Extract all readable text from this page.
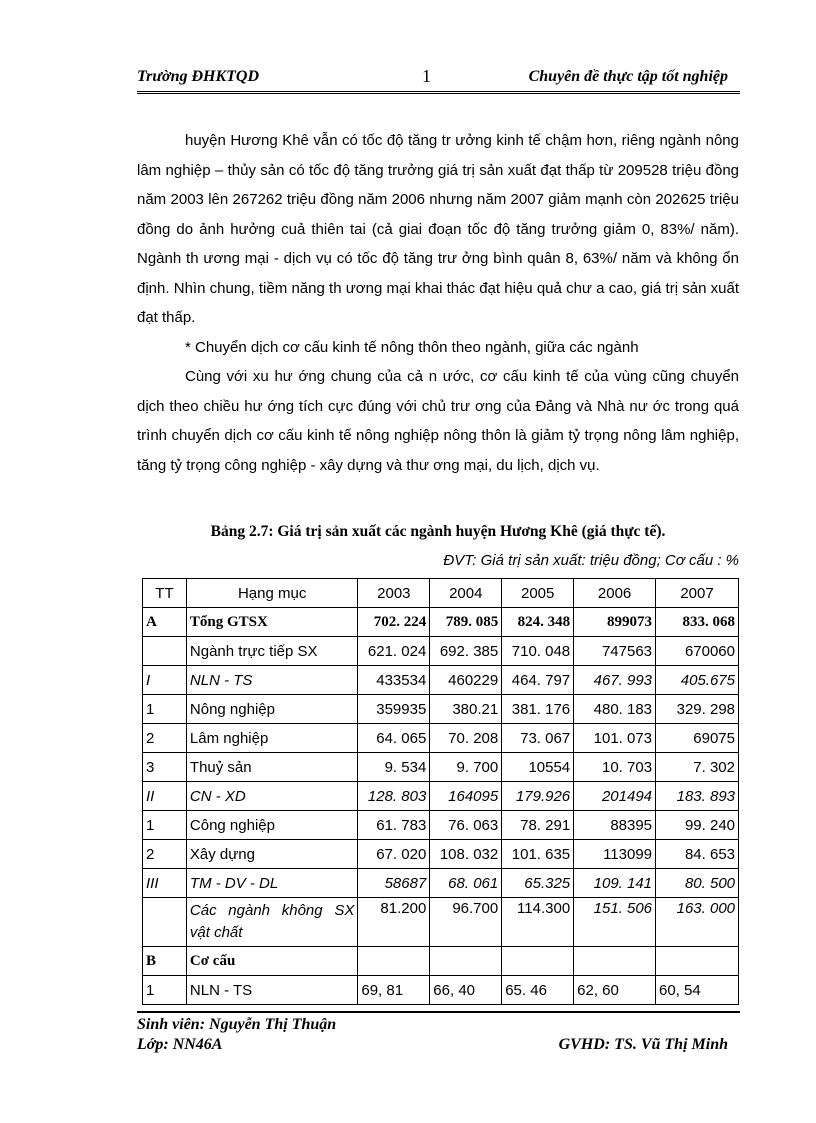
Trường ĐHKTQD	1	Chuyên đề thực tập tốt nghiệp

huyện Hương Khê vẫn có tốc độ tăng tr ưởng kinh tế chậm hơn, riêng ngành nông lâm nghiệp – thủy sản có tốc độ tăng trưởng giá trị sản xuất đạt thấp từ 209528 triệu đồng năm 2003 lên 267262 triệu đồng năm 2006 nhưng năm 2007 giảm mạnh còn 202625 triệu đồng do ảnh hưởng cuả thiên tai (cả giai đoạn tốc độ tăng trưởng giảm 0, 83%/ năm). Ngành th ương mại - dịch vụ có tốc độ tăng trư ởng bình quân 8, 63%/ năm và không ổn định. Nhìn chung, tiềm năng th ương mại khai thác đạt hiệu quả chư a cao, giá trị sản xuất đạt thấp.

* Chuyển dịch cơ cấu kinh tế nông thôn theo ngành, giữa các ngành

Cùng với xu hư ớng chung của cả n ước, cơ cấu kinh tế của vùng cũng chuyển dịch theo chiều hư ớng tích cực đúng với chủ trư ơng của Đảng và Nhà nư ớc trong quá trình chuyển dịch cơ cấu kinh tế nông nghiệp nông thôn là giảm tỷ trọng nông lâm nghiệp, tăng tỷ trọng công nghiệp - xây dựng và thư ơng mại, du lịch, dịch vụ.

Bảng 2.7: Giá trị sản xuất các ngành huyện Hương Khê (giá thực tế).
ĐVT: Giá trị sản xuất: triệu đồng; Cơ cấu : %
TT	Hạng mục	2003	2004	2005	2006	2007
A	Tổng GTSX	702. 224	789. 085	824. 348	899073	833. 068
	Ngành trực tiếp SX	621. 024	692. 385	710. 048	747563	670060
I	NLN - TS	433534	460229	464. 797	467. 993	405.675
1	Nông nghiệp	359935	380.21	381. 176	480. 183	329. 298
2	Lâm nghiệp	64. 065	70. 208	73. 067	101. 073	69075
3	Thuỷ sản	9. 534	9. 700	10554	10. 703	7. 302
II	CN - XD	128. 803	164095	179.926	201494	183. 893
1	Công nghiệp	61. 783	76. 063	78. 291	88395	99. 240
2	Xây dựng	67. 020	108. 032	101. 635	113099	84. 653
III	TM - DV - DL	58687	68. 061	65.325	109. 141	80. 500
	Các ngành không SX vật chất	81.200	96.700	114.300	151. 506	163. 000
B	Cơ cấu					
1	NLN - TS	69, 81	66, 40	65. 46	62, 60	60, 54
Sinh viên: Nguyễn Thị Thuận
Lớp: NN46A	GVHD: TS. Vũ Thị Minh
